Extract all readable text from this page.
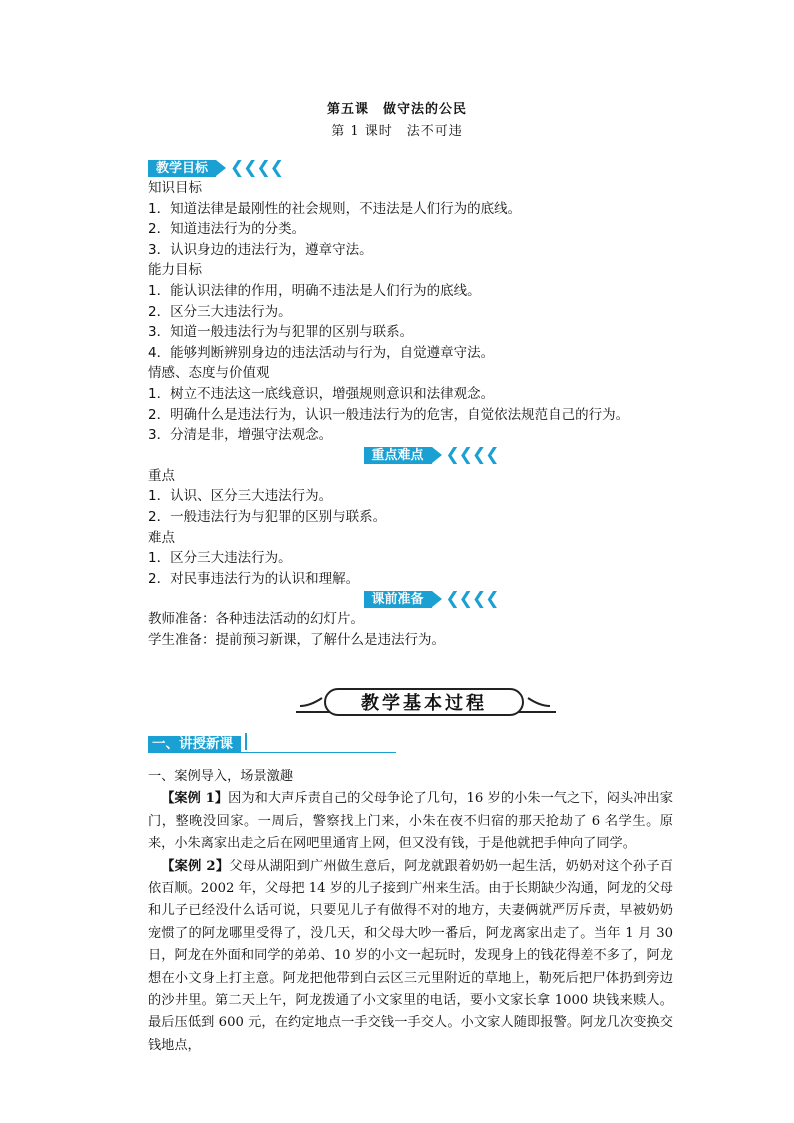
第五课　做守法的公民
第 1 课时　法不可违
教学目标	❮❮❮❮
知识目标
1．知道法律是最刚性的社会规则，不违法是人们行为的底线。
2．知道违法行为的分类。
3．认识身边的违法行为，遵章守法。
能力目标
1．能认识法律的作用，明确不违法是人们行为的底线。
2．区分三大违法行为。
3．知道一般违法行为与犯罪的区别与联系。
4．能够判断辨别身边的违法活动与行为，自觉遵章守法。
情感、态度与价值观
1．树立不违法这一底线意识，增强规则意识和法律观念。
2．明确什么是违法行为，认识一般违法行为的危害，自觉依法规范自己的行为。
3．分清是非，增强守法观念。
重点难点	❮❮❮❮
重点
1．认识、区分三大违法行为。
2．一般违法行为与犯罪的区别与联系。
难点
1．区分三大违法行为。
2．对民事违法行为的认识和理解。
课前准备	❮❮❮❮
教师准备：各种违法活动的幻灯片。
学生准备：提前预习新课，了解什么是违法行为。
教学基本过程
一、讲授新课

一、案例导入，场景激趣

【案例 1】因为和大声斥责自己的父母争论了几句，16 岁的小朱一气之下，闷头冲出家门，整晚没回家。一周后，警察找上门来，小朱在夜不归宿的那天抢劫了 6 名学生。原来，小朱离家出走之后在网吧里通宵上网，但又没有钱，于是他就把手伸向了同学。

【案例 2】父母从湖阳到广州做生意后，阿龙就跟着奶奶一起生活，奶奶对这个孙子百依百顺。2002 年，父母把 14 岁的儿子接到广州来生活。由于长期缺少沟通，阿龙的父母和儿子已经没什么话可说，只要见儿子有做得不对的地方，夫妻俩就严厉斥责，早被奶奶宠惯了的阿龙哪里受得了，没几天，和父母大吵一番后，阿龙离家出走了。当年 1 月 30 日，阿龙在外面和同学的弟弟、10 岁的小文一起玩时，发现身上的钱花得差不多了，阿龙想在小文身上打主意。阿龙把他带到白云区三元里附近的草地上，勒死后把尸体扔到旁边的沙井里。第二天上午，阿龙拨通了小文家里的电话，要小文家长拿 1000 块钱来赎人。最后压低到 600 元，在约定地点一手交钱一手交人。小文家人随即报警。阿龙几次变换交钱地点，
